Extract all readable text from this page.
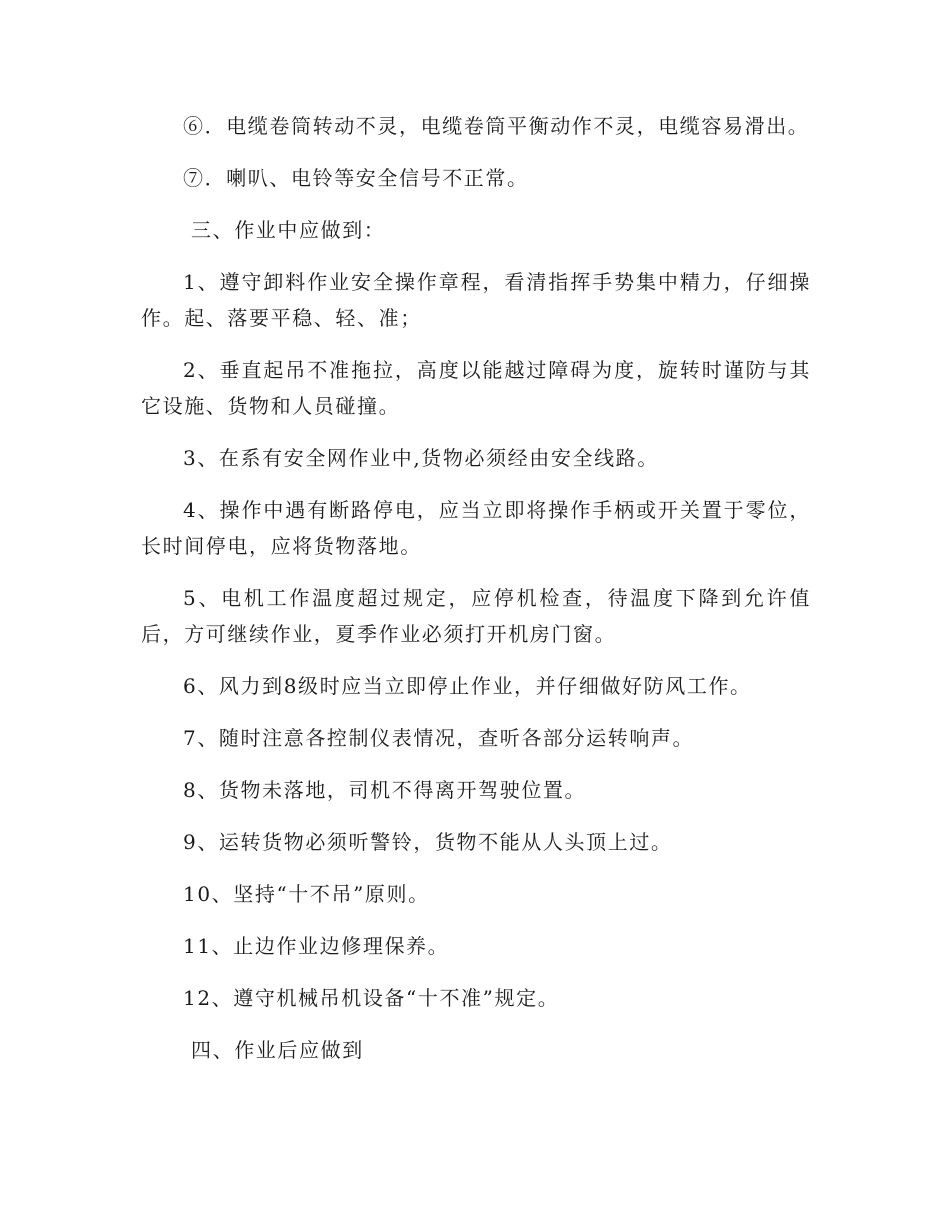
⑥．电缆卷筒转动不灵，电缆卷筒平衡动作不灵，电缆容易滑出。

⑦．喇叭、电铃等安全信号不正常。

三、作业中应做到：

1、遵守卸料作业安全操作章程，看清指挥手势集中精力，仔细操作。起、落要平稳、轻、准；

2、垂直起吊不准拖拉，高度以能越过障碍为度，旋转时谨防与其它设施、货物和人员碰撞。

3、在系有安全网作业中,货物必须经由安全线路。

4、操作中遇有断路停电，应当立即将操作手柄或开关置于零位，长时间停电，应将货物落地。

5、电机工作温度超过规定，应停机检查，待温度下降到允许值后，方可继续作业，夏季作业必须打开机房门窗。

6、风力到8级时应当立即停止作业，并仔细做好防风工作。

7、随时注意各控制仪表情况，查听各部分运转响声。

8、货物未落地，司机不得离开驾驶位置。

9、运转货物必须听警铃，货物不能从人头顶上过。

10、坚持“十不吊”原则。

11、止边作业边修理保养。

12、遵守机械吊机设备“十不准”规定。

四、作业后应做到
